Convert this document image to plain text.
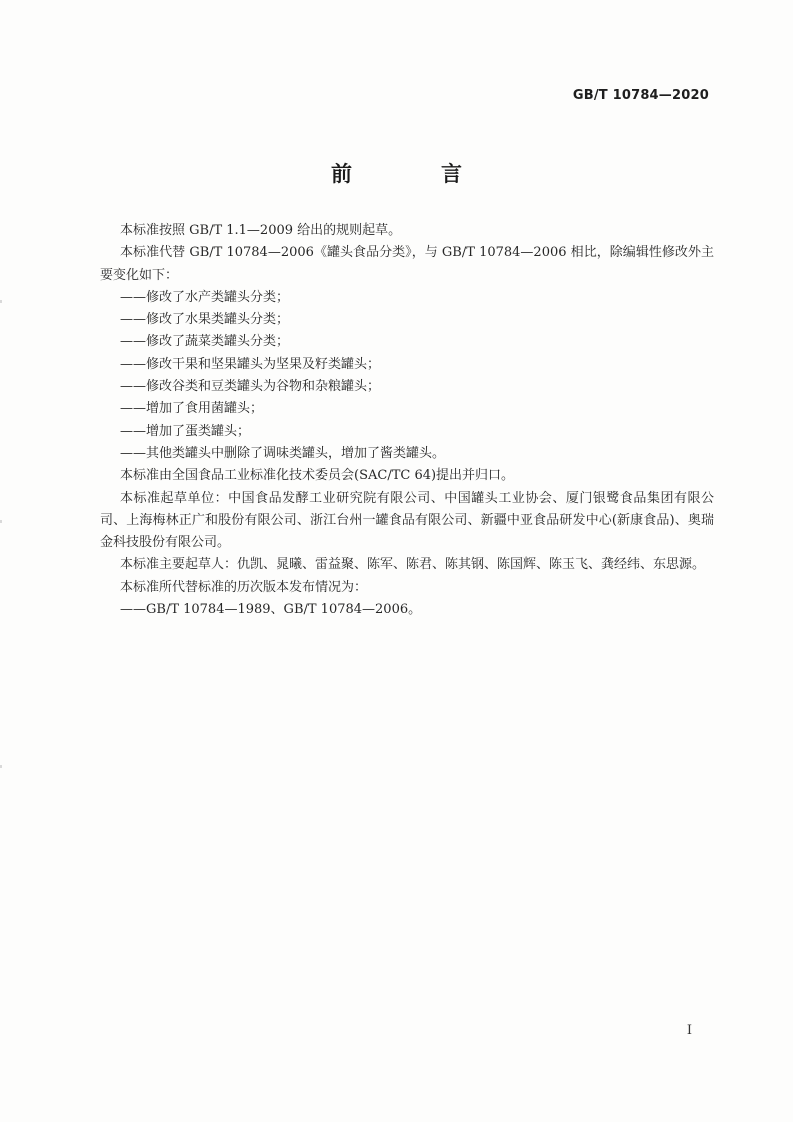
GB/T 10784—2020
前　言

本标准按照 GB/T 1.1—2009 给出的规则起草。

本标准代替 GB/T 10784—2006《罐头食品分类》，与 GB/T 10784—2006 相比，除编辑性修改外主要变化如下：

——修改了水产类罐头分类；

——修改了水果类罐头分类；

——修改了蔬菜类罐头分类；

——修改干果和坚果罐头为坚果及籽类罐头；

——修改谷类和豆类罐头为谷物和杂粮罐头；

——增加了食用菌罐头；

——增加了蛋类罐头；

——其他类罐头中删除了调味类罐头，增加了酱类罐头。

本标准由全国食品工业标准化技术委员会(SAC/TC 64)提出并归口。

本标准起草单位：中国食品发酵工业研究院有限公司、中国罐头工业协会、厦门银鹭食品集团有限公司、上海梅林正广和股份有限公司、浙江台州一罐食品有限公司、新疆中亚食品研发中心(新康食品)、奥瑞金科技股份有限公司。

本标准主要起草人：仇凯、晁曦、雷益聚、陈军、陈君、陈其钢、陈国辉、陈玉飞、龚经纬、东思源。

本标准所代替标准的历次版本发布情况为：

——GB/T 10784—1989、GB/T 10784—2006。

I
